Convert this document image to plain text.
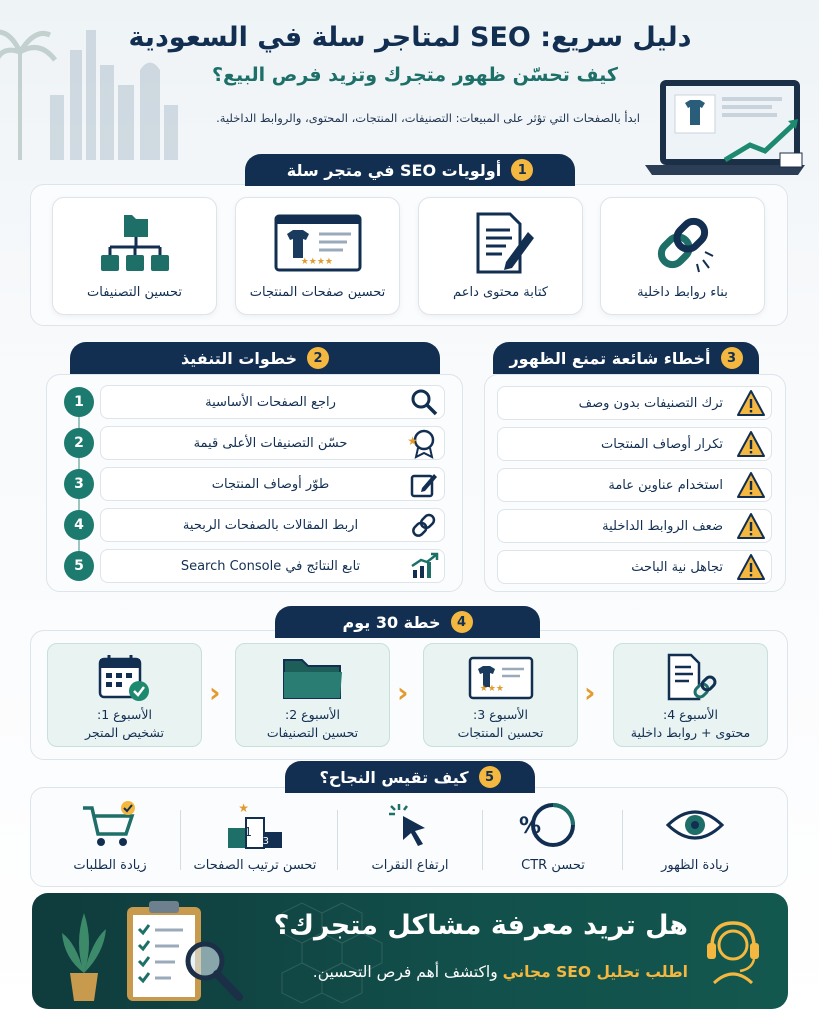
دليل سريع: SEO لمتاجر سلة في السعودية
كيف تحسّن ظهور متجرك وتزيد فرص البيع؟
ابدأ بالصفحات التي تؤثر على المبيعات: التصنيفات، المنتجات، المحتوى، والروابط الداخلية.
1
أولويات SEO في متجر سلة
بناء روابط داخلية
كتابة محتوى داعم
★★★★
تحسين صفحات المنتجات
تحسين التصنيفات
2
خطوات التنفيذ
1	راجع الصفحات الأساسية
2	★
حسّن التصنيفات الأعلى قيمة
3	طوّر أوصاف المنتجات
4	اربط المقالات بالصفحات الربحية
5	تابع النتائج في Search Console
3
أخطاء شائعة تمنع الظهور
ترك التصنيفات بدون وصف
تكرار أوصاف المنتجات
استخدام عناوين عامة
ضعف الروابط الداخلية
تجاهل نية الباحث
4
خطة 30 يوم
الأسبوع 4:
محتوى + روابط داخلية
‹
★★★
الأسبوع 3:
تحسين المنتجات
‹
الأسبوع 2:
تحسين التصنيفات
‹
الأسبوع 1:
تشخيص المتجر
5
كيف تقيس النجاح؟
زيادة الظهور
%
تحسن CTR
ارتفاع النقرات
★
1
3
تحسن ترتيب الصفحات
زيادة الطلبات
هل تريد معرفة مشاكل متجرك؟
اطلب تحليل SEO مجاني واكتشف أهم فرص التحسين.
